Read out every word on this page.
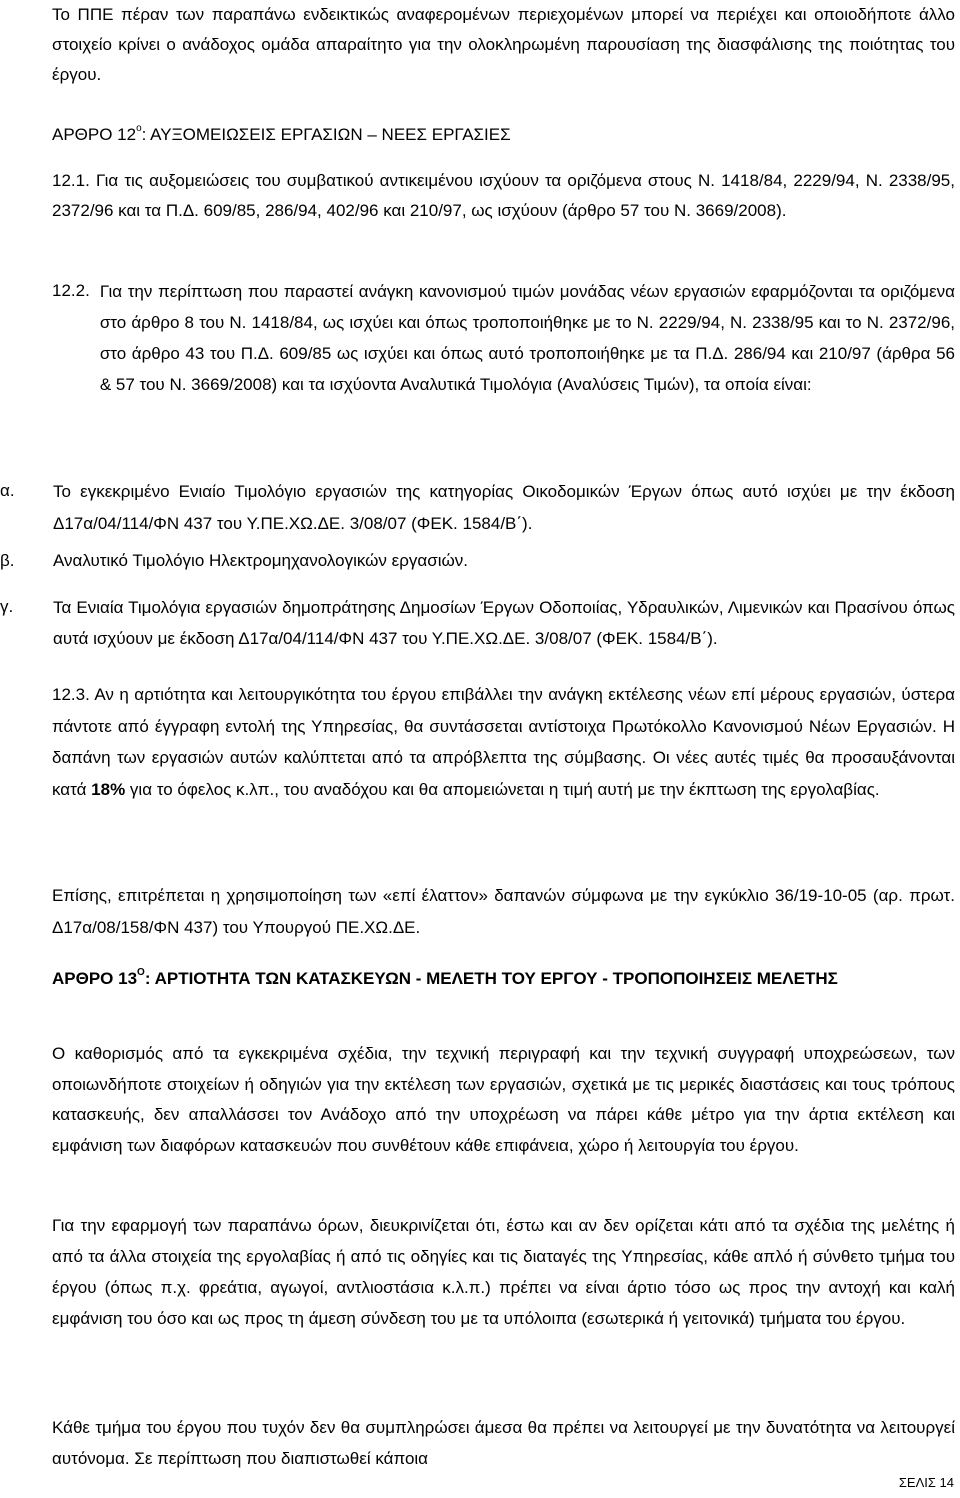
Το ΠΠΕ πέραν των παραπάνω ενδεικτικώς αναφερομένων περιεχομένων μπορεί να περιέχει και οποιοδήποτε άλλο στοιχείο κρίνει ο ανάδοχος ομάδα απαραίτητο για την ολοκληρωμένη παρουσίαση της διασφάλισης της ποιότητας του έργου.

ΑΡΘΡΟ $12^o$: ΑΥΞΟΜΕΙΩΣΕΙΣ ΕΡΓΑΣΙΩΝ – ΝΕΕΣ ΕΡΓΑΣΙΕΣ

12.1. Για τις αυξομειώσεις του συμβατικού αντικειμένου ισχύουν τα οριζόμενα στους Ν. 1418/84, 2229/94, Ν. 2338/95, 2372/96 και τα Π.Δ. 609/85, 286/94, 402/96 και 210/97, ως ισχύουν (άρθρο 57 του Ν. 3669/2008).

12.2. Για την περίπτωση που παραστεί ανάγκη κανονισμού τιμών μονάδας νέων εργασιών εφαρμόζονται τα οριζόμενα στο άρθρο 8 του Ν. 1418/84, ως ισχύει και όπως τροποποιήθηκε με το Ν. 2229/94, Ν. 2338/95 και το Ν. 2372/96, στο άρθρο 43 του Π.Δ. 609/85 ως ισχύει και όπως αυτό τροποποιήθηκε με τα Π.Δ. 286/94 και 210/97 (άρθρα 56 & 57 του Ν. 3669/2008) και τα ισχύοντα Αναλυτικά Τιμολόγια (Αναλύσεις Τιμών), τα οποία είναι:

α.	Το εγκεκριμένο Ενιαίο Τιμολόγιο εργασιών της κατηγορίας Οικοδομικών Έργων όπως αυτό ισχύει με την έκδοση Δ17α/04/114/ΦΝ 437 του Υ.ΠΕ.ΧΩ.ΔΕ. 3/08/07 (ΦΕΚ. 1584/Β΄).

β.	Αναλυτικό Τιμολόγιο Ηλεκτρομηχανολογικών εργασιών.

γ.	Τα Ενιαία Τιμολόγια εργασιών δημοπράτησης Δημοσίων Έργων Οδοποιίας, Υδραυλικών, Λιμενικών και Πρασίνου όπως αυτά ισχύουν με έκδοση Δ17α/04/114/ΦΝ 437 του Υ.ΠΕ.ΧΩ.ΔΕ. 3/08/07 (ΦΕΚ. 1584/Β΄).

12.3. Αν η αρτιότητα και λειτουργικότητα του έργου επιβάλλει την ανάγκη εκτέλεσης νέων επί μέρους εργασιών, ύστερα πάντοτε από έγγραφη εντολή της Υπηρεσίας, θα συντάσσεται αντίστοιχα Πρωτόκολλο Κανονισμού Νέων Εργασιών. Η δαπάνη των εργασιών αυτών καλύπτεται από τα απρόβλεπτα της σύμβασης. Οι νέες αυτές τιμές θα προσαυξάνονται κατά 18% για το όφελος κ.λπ., του αναδόχου και θα απομειώνεται η τιμή αυτή με την έκπτωση της εργολαβίας.

Επίσης, επιτρέπεται η χρησιμοποίηση των «επί έλαττον» δαπανών σύμφωνα με την εγκύκλιο 36/19-10-05 (αρ. πρωτ. Δ17α/08/158/ΦΝ 437) του Υπουργού ΠΕ.ΧΩ.ΔΕ.

ΑΡΘΡΟ $13^O$: ΑΡΤΙΟΤΗΤΑ ΤΩΝ ΚΑΤΑΣΚΕΥΩΝ - ΜΕΛΕΤΗ ΤΟΥ ΕΡΓΟΥ - ΤΡΟΠΟΠΟΙΗΣΕΙΣ ΜΕΛΕΤΗΣ

Ο καθορισμός από τα εγκεκριμένα σχέδια, την τεχνική περιγραφή και την τεχνική συγγραφή υποχρεώσεων, των οποιωνδήποτε στοιχείων ή οδηγιών για την εκτέλεση των εργασιών, σχετικά με τις μερικές διαστάσεις και τους τρόπους κατασκευής, δεν απαλλάσσει τον Ανάδοχο από την υποχρέωση να πάρει κάθε μέτρο για την άρτια εκτέλεση και εμφάνιση των διαφόρων κατασκευών που συνθέτουν κάθε επιφάνεια, χώρο ή λειτουργία του έργου.

Για την εφαρμογή των παραπάνω όρων, διευκρινίζεται ότι, έστω και αν δεν ορίζεται κάτι από τα σχέδια της μελέτης ή από τα άλλα στοιχεία της εργολαβίας ή από τις οδηγίες και τις διαταγές της Υπηρεσίας, κάθε απλό ή σύνθετο τμήμα του έργου (όπως π.χ. φρεάτια, αγωγοί, αντλιοστάσια κ.λ.π.) πρέπει να είναι άρτιο τόσο ως προς την αντοχή και καλή εμφάνιση του όσο και ως προς τη άμεση σύνδεση του με τα υπόλοιπα (εσωτερικά ή γειτονικά) τμήματα του έργου.

Κάθε τμήμα του έργου που τυχόν δεν θα συμπληρώσει άμεσα θα πρέπει να λειτουργεί με την δυνατότητα να λειτουργεί αυτόνομα. Σε περίπτωση που διαπιστωθεί κάποια

ΣΕΛΙΣ 14
